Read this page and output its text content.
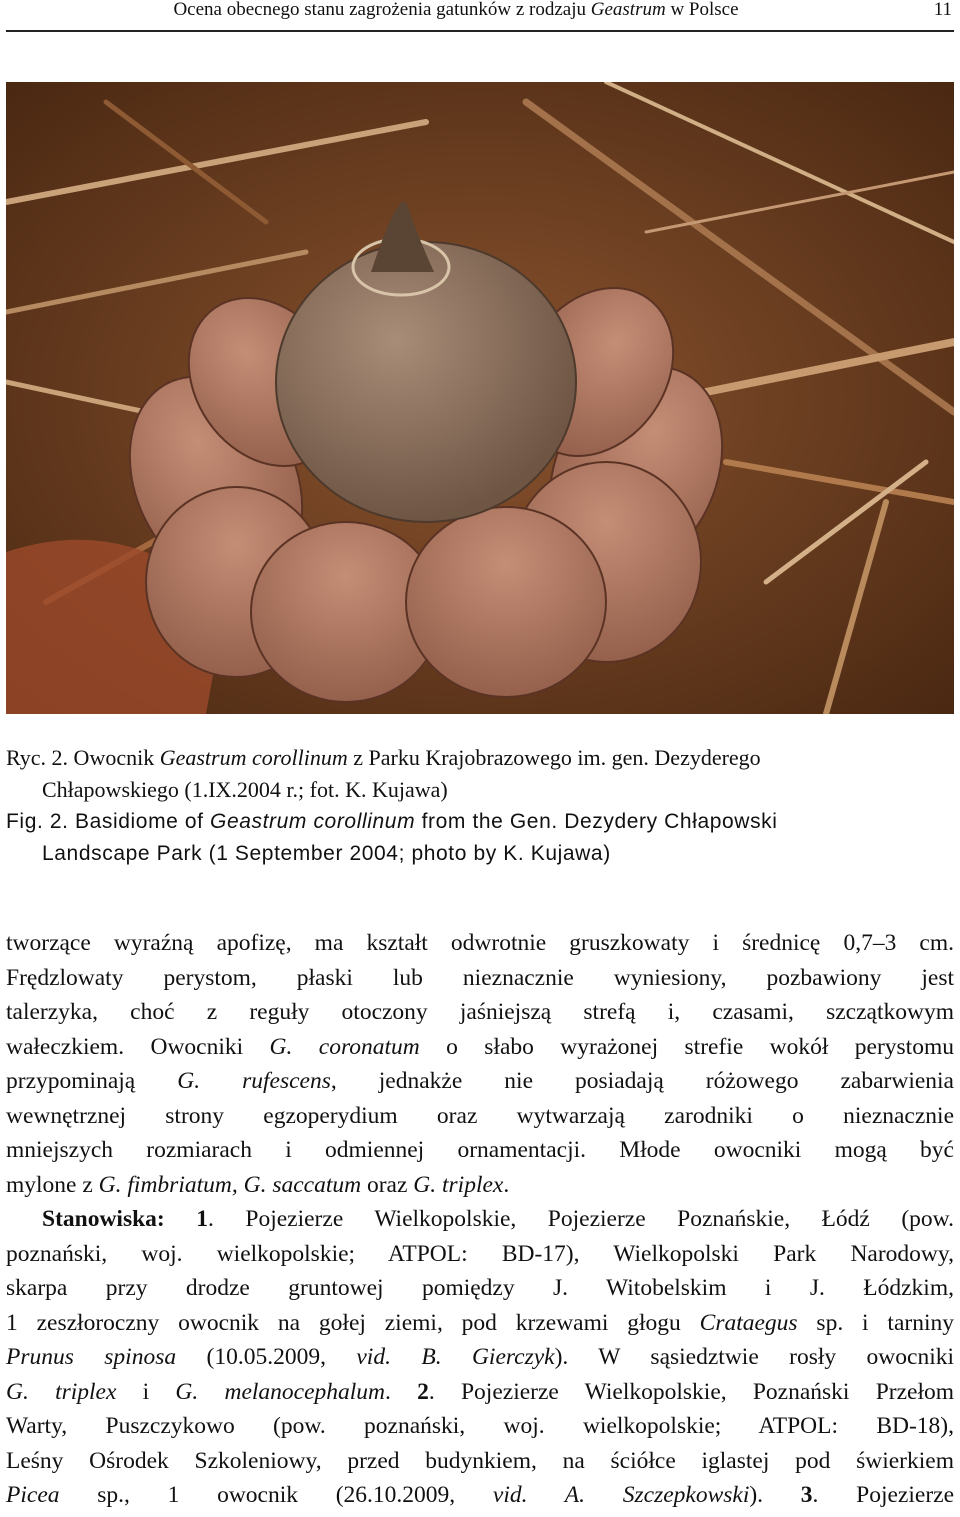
Ocena obecnego stanu zagrożenia gatunków z rodzaju Geastrum w Polsce	11
Ryc. 2. Owocnik Geastrum corollinum z Parku Krajobrazowego im. gen. Dezyderego
Chłapowskiego (1.IX.2004 r.; fot. K. Kujawa)
Fig. 2. Basidiome of Geastrum corollinum from the Gen. Dezydery Chłapowski
Landscape Park (1 September 2004; photo by K. Kujawa)
tworzące wyraźną apofizę, ma kształt odwrotnie gruszkowaty i średnicę 0,7–3 cm.
Frędzlowaty perystom, płaski lub nieznacznie wyniesiony, pozbawiony jest
talerzyka, choć z reguły otoczony jaśniejszą strefą i, czasami, szczątkowym
wałeczkiem. Owocniki G. coronatum o słabo wyrażonej strefie wokół perystomu
przypominają G. rufescens, jednakże nie posiadają różowego zabarwienia
wewnętrznej strony egzoperydium oraz wytwarzają zarodniki o nieznacznie
mniejszych rozmiarach i odmiennej ornamentacji. Młode owocniki mogą być
mylone z G. fimbriatum, G. saccatum oraz G. triplex.
Stanowiska: 1. Pojezierze Wielkopolskie, Pojezierze Poznańskie, Łódź (pow.
poznański, woj. wielkopolskie; ATPOL: BD-17), Wielkopolski Park Narodowy,
skarpa przy drodze gruntowej pomiędzy J. Witobelskim i J. Łódzkim,
1 zeszłoroczny owocnik na gołej ziemi, pod krzewami głogu Crataegus sp. i tarniny
Prunus spinosa (10.05.2009, vid. B. Gierczyk). W sąsiedztwie rosły owocniki
G. triplex i G. melanocephalum. 2. Pojezierze Wielkopolskie, Poznański Przełom
Warty, Puszczykowo (pow. poznański, woj. wielkopolskie; ATPOL: BD-18),
Leśny Ośrodek Szkoleniowy, przed budynkiem, na ściółce iglastej pod świerkiem
Picea sp., 1 owocnik (26.10.2009, vid. A. Szczepkowski). 3. Pojezierze
